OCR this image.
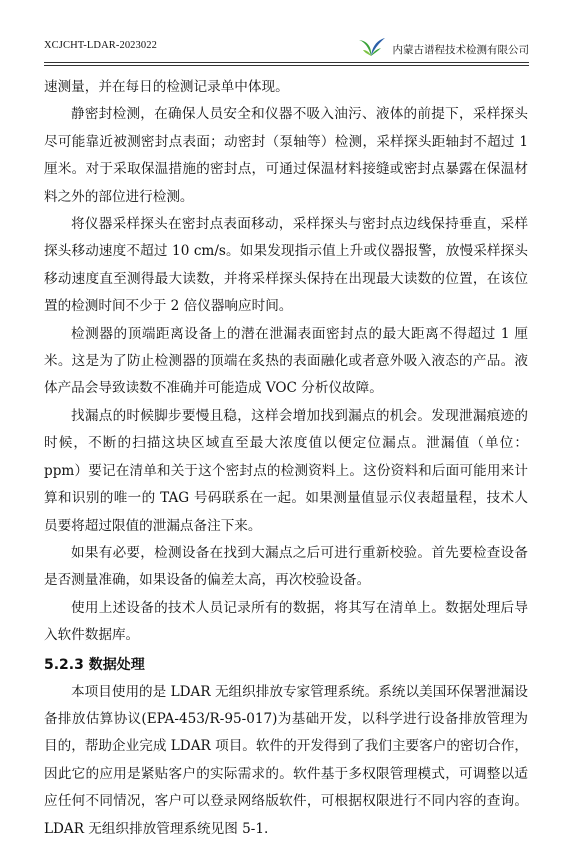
XCJCHT-LDAR-2023022	内蒙古谱程技术检测有限公司

速测量，并在每日的检测记录单中体现。

静密封检测，在确保人员安全和仪器不吸入油污、液体的前提下，采样探头尽可能靠近被测密封点表面；动密封（泵轴等）检测，采样探头距轴封不超过 1 厘米。对于采取保温措施的密封点，可通过保温材料接缝或密封点暴露在保温材料之外的部位进行检测。

将仪器采样探头在密封点表面移动，采样探头与密封点边线保持垂直，采样探头移动速度不超过 10 cm/s。如果发现指示值上升或仪器报警，放慢采样探头移动速度直至测得最大读数，并将采样探头保持在出现最大读数的位置，在该位置的检测时间不少于 2 倍仪器响应时间。

检测器的顶端距离设备上的潜在泄漏表面密封点的最大距离不得超过 1 厘米。这是为了防止检测器的顶端在炙热的表面融化或者意外吸入液态的产品。液体产品会导致读数不准确并可能造成 VOC 分析仪故障。

找漏点的时候脚步要慢且稳，这样会增加找到漏点的机会。发现泄漏痕迹的时候，不断的扫描这块区域直至最大浓度值以便定位漏点。泄漏值（单位：ppm）要记在清单和关于这个密封点的检测资料上。这份资料和后面可能用来计算和识别的唯一的 TAG 号码联系在一起。如果测量值显示仪表超量程，技术人员要将超过限值的泄漏点备注下来。

如果有必要，检测设备在找到大漏点之后可进行重新校验。首先要检查设备是否测量准确，如果设备的偏差太高，再次校验设备。

使用上述设备的技术人员记录所有的数据，将其写在清单上。数据处理后导入软件数据库。

5.2.3 数据处理

本项目使用的是 LDAR 无组织排放专家管理系统。系统以美国环保署泄漏设备排放估算协议(EPA-453/R-95-017)为基础开发，以科学进行设备排放管理为目的，帮助企业完成 LDAR 项目。软件的开发得到了我们主要客户的密切合作，因此它的应用是紧贴客户的实际需求的。软件基于多权限管理模式，可调整以适应任何不同情况，客户可以登录网络版软件，可根据权限进行不同内容的查询。LDAR 无组织排放管理系统见图 5-1.
